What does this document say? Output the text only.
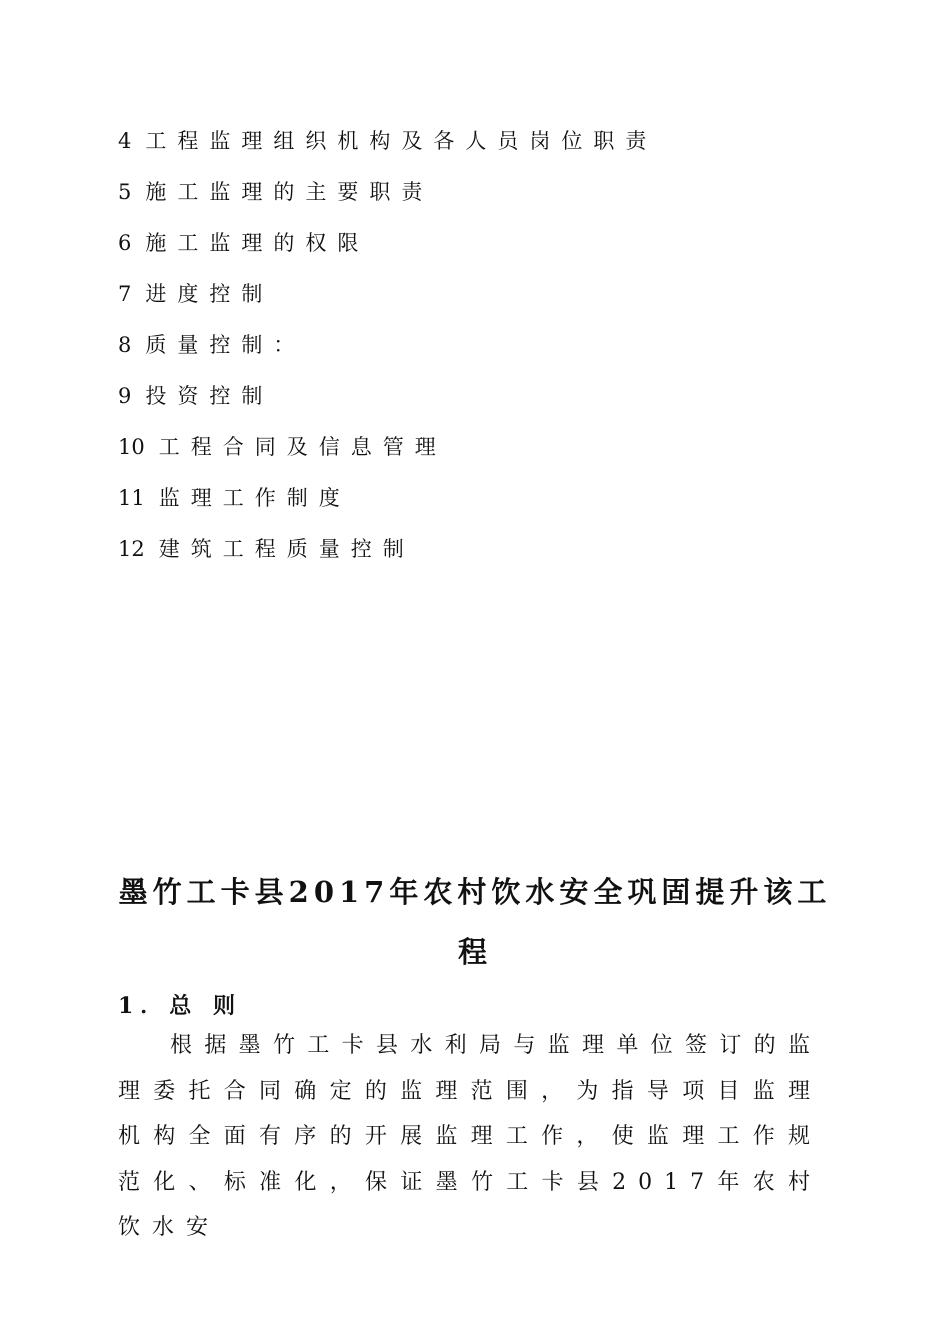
4 工程监理组织机构及各人员岗位职责
5 施工监理的主要职责
6 施工监理的权限
7 进度控制
8 质量控制：
9 投资控制
10 工程合同及信息管理
11 监理工作制度
12 建筑工程质量控制
墨竹工卡县2017年农村饮水安全巩固提升该工程
1．总 则

根据墨竹工卡县水利局与监理单位签订的监理委托合同确定的监理范围，为指导项目监理机构全面有序的开展监理工作，使监理工作规范化、标准化，保证墨竹工卡县2017年农村饮水安
